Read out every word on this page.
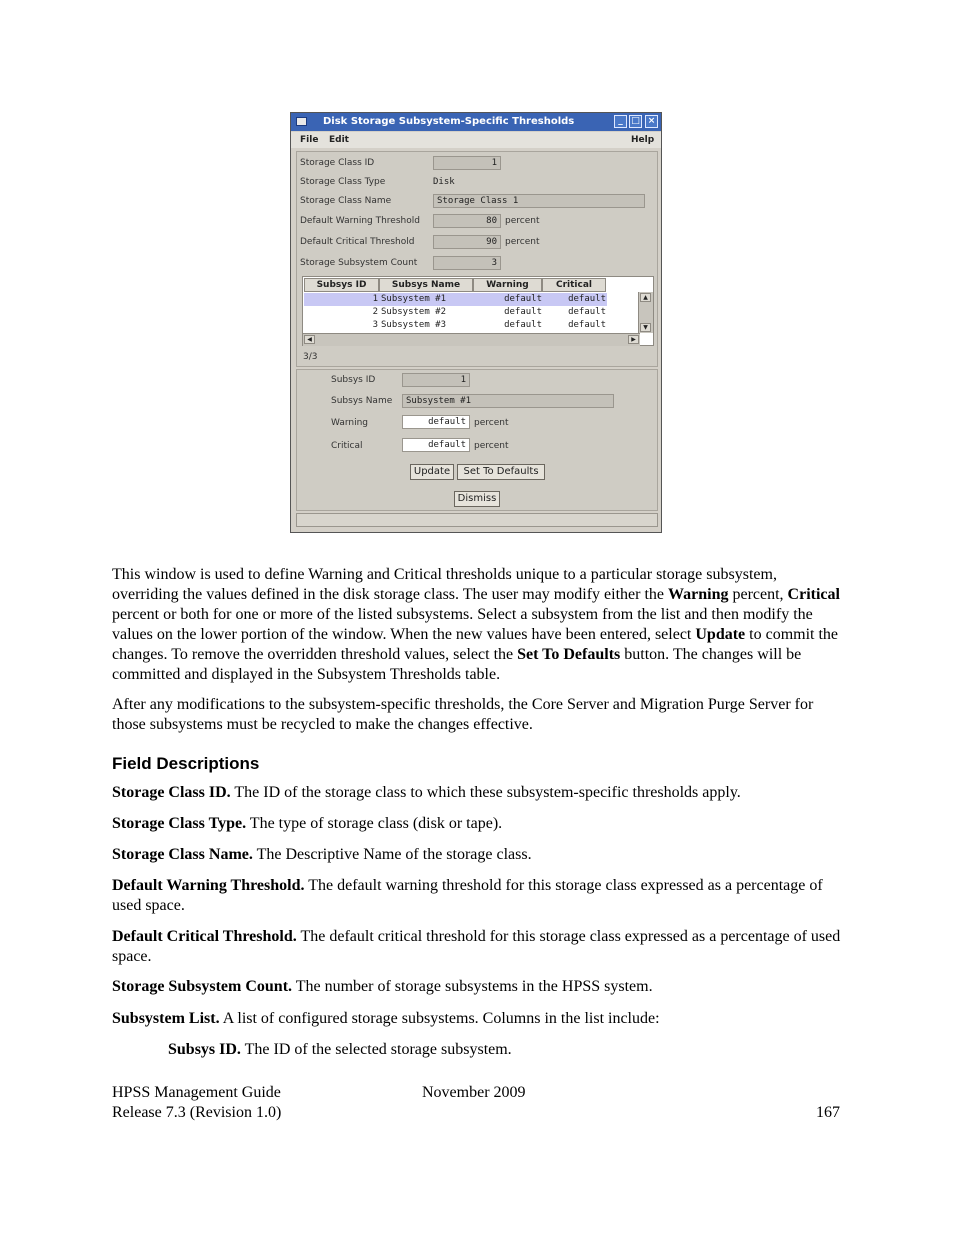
Disk Storage Subsystem-Specific Thresholds	_ □ ×
File Edit	Help
Storage Class ID	1
Storage Class Type	Disk
Storage Class Name	Storage Class 1
Default Warning Threshold	80 percent
Default Critical Threshold	90 percent
Storage Subsystem Count	3
Subsys ID	Subsys Name	Warning	Critical
1 Subsystem #1	default	default
2 Subsystem #2	default	default
3 Subsystem #3	default	default
▲
▼
◀	▶
3/3
Subsys ID	1
Subsys Name	Subsystem #1
Warning	default percent
Critical	default percent
Update	Set To Defaults
Dismiss
This window is used to define Warning and Critical thresholds unique to a particular storage subsystem, overriding the values defined in the disk storage class. The user may modify either the Warning percent, Critical percent or both for one or more of the listed subsystems. Select a subsystem from the list and then modify the values on the lower portion of the window. When the new values have been entered, select Update to commit the changes. To remove the overridden threshold values, select the Set To Defaults button. The changes will be committed and displayed in the Subsystem Thresholds table.
After any modifications to the subsystem-specific thresholds, the Core Server and Migration Purge Server for those subsystems must be recycled to make the changes effective.
Field Descriptions
Storage Class ID. The ID of the storage class to which these subsystem-specific thresholds apply.
Storage Class Type. The type of storage class (disk or tape).
Storage Class Name. The Descriptive Name of the storage class.
Default Warning Threshold. The default warning threshold for this storage class expressed as a percentage of used space.
Default Critical Threshold. The default critical threshold for this storage class expressed as a percentage of used space.
Storage Subsystem Count. The number of storage subsystems in the HPSS system.
Subsystem List. A list of configured storage subsystems. Columns in the list include:
Subsys ID. The ID of the selected storage subsystem.
HPSS Management Guide	November 2009
Release 7.3 (Revision 1.0)	167
